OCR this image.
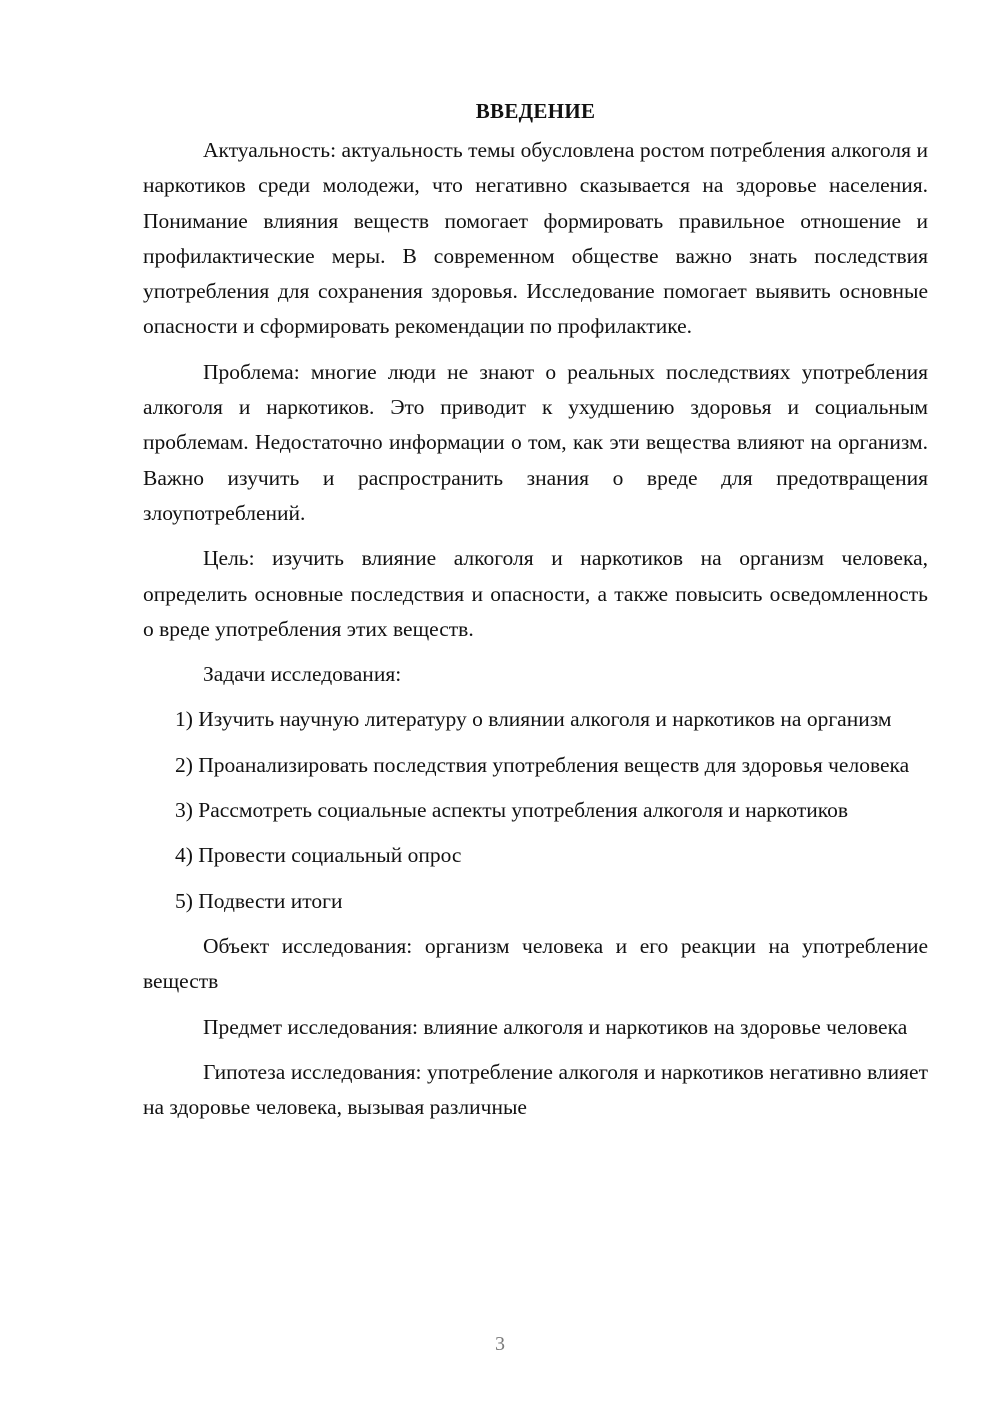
ВВЕДЕНИЕ

Актуальность: актуальность темы обусловлена ростом потребления алкоголя и наркотиков среди молодежи, что негативно сказывается на здоровье населения. Понимание влияния веществ помогает формировать правильное отношение и профилактические меры. В современном обществе важно знать последствия употребления для сохранения здоровья. Исследование помогает выявить основные опасности и сформировать рекомендации по профилактике.

Проблема: многие люди не знают о реальных последствиях употребления алкоголя и наркотиков. Это приводит к ухудшению здоровья и социальным проблемам. Недостаточно информации о том, как эти вещества влияют на организм. Важно изучить и распространить знания о вреде для предотвращения злоупотреблений.

Цель: изучить влияние алкоголя и наркотиков на организм человека, определить основные последствия и опасности, а также повысить осведомленность о вреде употребления этих веществ.

Задачи исследования:

1) Изучить научную литературу о влиянии алкоголя и наркотиков на организм

2) Проанализировать последствия употребления веществ для здоровья человека

3) Рассмотреть социальные аспекты употребления алкоголя и наркотиков

4) Провести социальный опрос

5) Подвести итоги

Объект исследования: организм человека и его реакции на употребление веществ

Предмет исследования: влияние алкоголя и наркотиков на здоровье человека

Гипотеза исследования: употребление алкоголя и наркотиков негативно влияет на здоровье человека, вызывая различные

3
